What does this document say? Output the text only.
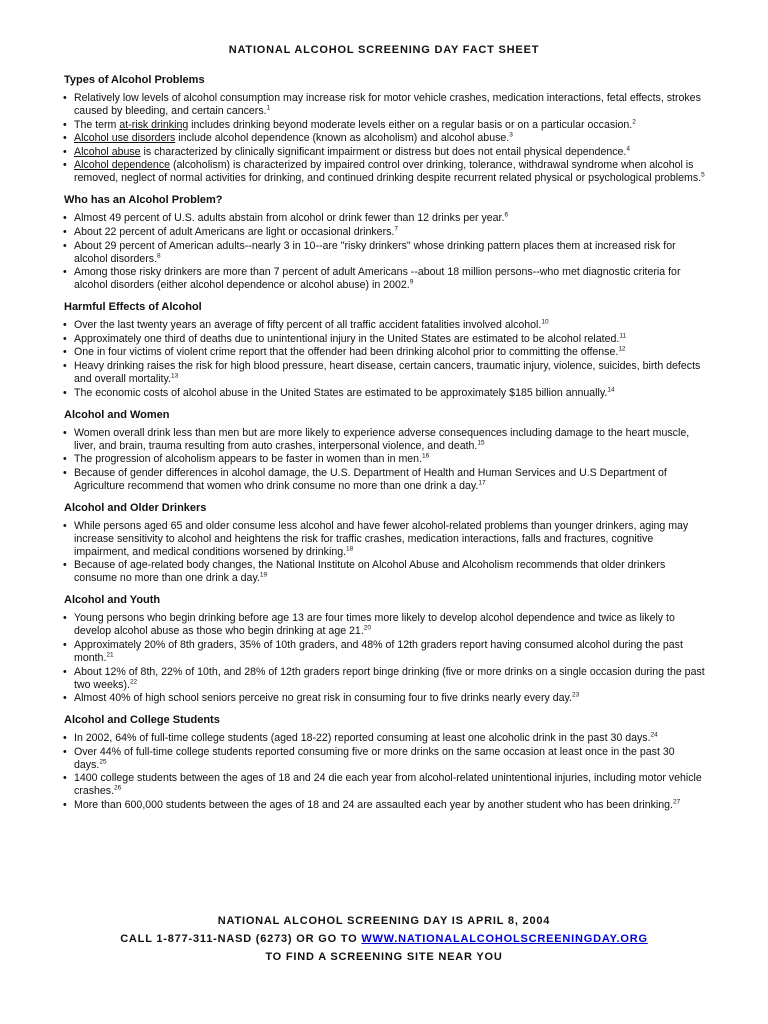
NATIONAL ALCOHOL SCREENING DAY FACT SHEET
Types of Alcohol Problems
• Relatively low levels of alcohol consumption may increase risk for motor vehicle crashes, medication interactions, fetal effects, strokes caused by bleeding, and certain cancers.$^1$
• The term at-risk drinking includes drinking beyond moderate levels either on a regular basis or on a particular occasion.$^2$
• Alcohol use disorders include alcohol dependence (known as alcoholism) and alcohol abuse.$^3$
• Alcohol abuse is characterized by clinically significant impairment or distress but does not entail physical dependence.$^4$
• Alcohol dependence (alcoholism) is characterized by impaired control over drinking, tolerance, withdrawal syndrome when alcohol is removed, neglect of normal activities for drinking, and continued drinking despite recurrent related physical or psychological problems.$^5$
Who has an Alcohol Problem?
• Almost 49 percent of U.S. adults abstain from alcohol or drink fewer than 12 drinks per year.$^6$
• About 22 percent of adult Americans are light or occasional drinkers.$^7$
• About 29 percent of American adults--nearly 3 in 10--are "risky drinkers" whose drinking pattern places them at increased risk for alcohol disorders.$^8$
• Among those risky drinkers are more than 7 percent of adult Americans --about 18 million persons--who met diagnostic criteria for alcohol disorders (either alcohol dependence or alcohol abuse) in 2002.$^9$
Harmful Effects of Alcohol
• Over the last twenty years an average of fifty percent of all traffic accident fatalities involved alcohol.$^{10}$
• Approximately one third of deaths due to unintentional injury in the United States are estimated to be alcohol related.$^{11}$
• One in four victims of violent crime report that the offender had been drinking alcohol prior to committing the offense.$^{12}$
• Heavy drinking raises the risk for high blood pressure, heart disease, certain cancers, traumatic injury, violence, suicides, birth defects and overall mortality.$^{13}$
• The economic costs of alcohol abuse in the United States are estimated to be approximately $185 billion annually.$^{14}$
Alcohol and Women
• Women overall drink less than men but are more likely to experience adverse consequences including damage to the heart muscle, liver, and brain, trauma resulting from auto crashes, interpersonal violence, and death.$^{15}$
• The progression of alcoholism appears to be faster in women than in men.$^{16}$
• Because of gender differences in alcohol damage, the U.S. Department of Health and Human Services and U.S Department of Agriculture recommend that women who drink consume no more than one drink a day.$^{17}$
Alcohol and Older Drinkers
• While persons aged 65 and older consume less alcohol and have fewer alcohol-related problems than younger drinkers, aging may increase sensitivity to alcohol and heightens the risk for traffic crashes, medication interactions, falls and fractures, cognitive impairment, and medical conditions worsened by drinking.$^{18}$
• Because of age-related body changes, the National Institute on Alcohol Abuse and Alcoholism recommends that older drinkers consume no more than one drink a day.$^{19}$
Alcohol and Youth
• Young persons who begin drinking before age 13 are four times more likely to develop alcohol dependence and twice as likely to develop alcohol abuse as those who begin drinking at age 21.20
• Approximately 20% of 8th graders, 35% of 10th graders, and 48% of 12th graders report having consumed alcohol during the past month.$^{21}$
• About 12% of 8th, 22% of 10th, and 28% of 12th graders report binge drinking (five or more drinks on a single occasion during the past two weeks).$^{22}$
• Almost 40% of high school seniors perceive no great risk in consuming four to five drinks nearly every day.$^{23}$
Alcohol and College Students
• In 2002, 64% of full-time college students (aged 18-22) reported consuming at least one alcoholic drink in the past 30 days.$^{24}$
• Over 44% of full-time college students reported consuming five or more drinks on the same occasion at least once in the past 30 days.$^{25}$
• 1400 college students between the ages of 18 and 24 die each year from alcohol-related unintentional injuries, including motor vehicle crashes.$^{26}$
• More than 600,000 students between the ages of 18 and 24 are assaulted each year by another student who has been drinking.$^{27}$
NATIONAL ALCOHOL SCREENING DAY IS APRIL 8, 2004
CALL 1-877-311-NASD (6273) OR GO TO WWW.NATIONALALCOHOLSCREENINGDAY.ORG
TO FIND A SCREENING SITE NEAR YOU
